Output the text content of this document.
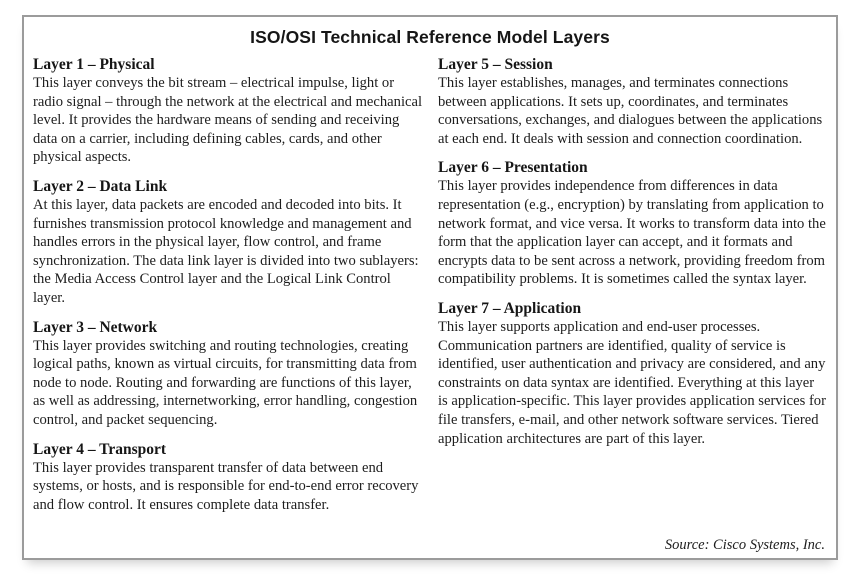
ISO/OSI Technical Reference Model Layers
Layer 1 – Physical

This layer conveys the bit stream – electrical impulse, light or radio signal – through the network at the electrical and mechanical level. It provides the hardware means of sending and receiving data on a carrier, including defining cables, cards, and other physical aspects.

Layer 2 – Data Link

At this layer, data packets are encoded and decoded into bits. It furnishes transmission protocol knowledge and management and handles errors in the physical layer, flow control, and frame synchronization. The data link layer is divided into two sublayers: the Media Access Control layer and the Logical Link Control layer.

Layer 3 – Network

This layer provides switching and routing technologies, creating logical paths, known as virtual circuits, for transmitting data from node to node. Routing and forwarding are functions of this layer, as well as addressing, internetworking, error handling, congestion control, and packet sequencing.

Layer 4 – Transport

This layer provides transparent transfer of data between end systems, or hosts, and is responsible for end-to-end error recovery and flow control. It ensures complete data transfer.

Layer 5 – Session

This layer establishes, manages, and terminates connections between applications. It sets up, coordinates, and terminates conversations, exchanges, and dialogues between the applications at each end. It deals with session and connection coordination.

Layer 6 – Presentation

This layer provides independence from differences in data representation (e.g., encryption) by translating from application to network format, and vice versa. It works to transform data into the form that the application layer can accept, and it formats and encrypts data to be sent across a network, providing freedom from compatibility problems. It is sometimes called the syntax layer.

Layer 7 – Application

This layer supports application and end-user processes. Communication partners are identified, quality of service is identified, user authentication and privacy are considered, and any constraints on data syntax are identified. Everything at this layer is application-specific. This layer provides application services for file transfers, e-mail, and other network software services. Tiered application architectures are part of this layer.

Source: Cisco Systems, Inc.
